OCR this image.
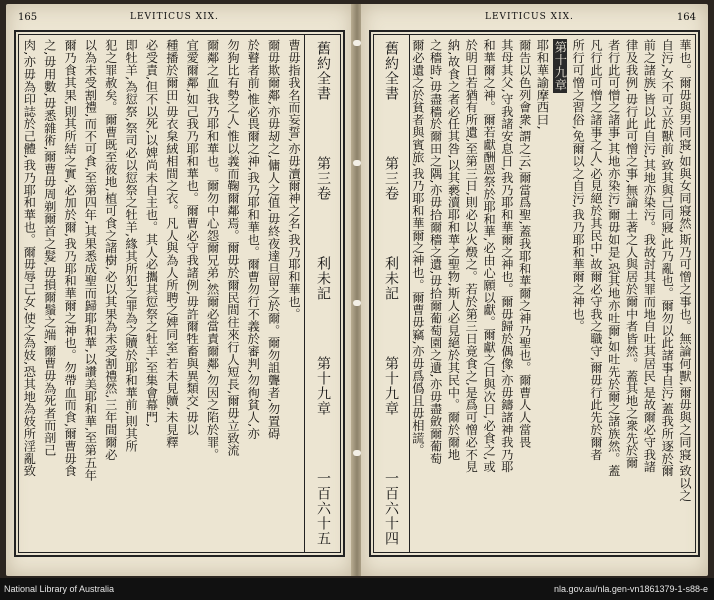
165	LEVITICUS XIX.
曹毋指我名而妄誓,亦毋瀆爾神之名,我乃耶和華也。
爾毋欺爾鄰,亦毋刼之,傭人之值,毋終夜達旦留之於爾。爾勿詛聾者,勿置碍
於瞽者前,惟必畏爾之神,我乃耶和華也。爾曹勿行不義於審判,勿徇貧人,亦
勿狗比有勢之人,惟以義而鞠爾鄰焉。爾毋於爾民間往來行人短長,爾毋立致流
爾鄰之血,我乃耶和華也。爾勿中心怨爾兄弟,然爾必當責爾鄰,勿因之陷於罪。
宜愛爾鄰,如己我乃耶和華也。爾曹必守我諸例,毋許爾牲畜與異類交,毋以
種播於爾田,毋衣枲絨相間之衣。凡人與為人所聘之婢同室,若未見贖,未見釋
必受責,但不以死,以婢尚未自主也。其人必攜其愆祭之牡羊,至集會幕門,
即牡羊,為愆祭,祭司必以愆祭之牡羊,緣其所犯之罪為之贖於耶和華前,則其所
犯之罪赦矣。爾曹既至彼地,植可食之諸樹,必以其果為未受割禮然,三年間爾必
以為未受割禮,而不可食,至第四年,其果悉成聖而歸耶和華,以讚美耶和華,至第五年
爾乃食其果,則其所結之實,必加於爾,我乃耶和華爾之神也。勿帶血而食,爾曹毋食
之,毋用數,毋悉雜術,爾曹毋周剃爾首之髮,毋損爾鬚之端,爾曹毋為死者而剖己
肉,亦毋為印誌於己體,我乃耶和華也。爾毋辱己女,使之為妓,恐其地為妓所淫亂致	舊約全書
第三卷
利未記
第十九章
一百六十五
LEVITICUS XIX.	164
舊約全書
第三卷
利未記
第十九章
一百六十四
華也。爾毋與男同寢,如與女同寢然,斯乃可憎之事也。無論何獸,爾毋與之同寢,致以之
自污,女不可立於獸前,致其與己同寢,此乃亂也。爾勿以此諸事自污,蓋我所逐於爾
前之諸族,皆以此自污,其地亦染污。我故討其罪而地自吐其居民,是故爾必守我諸
律及我例,毋行此可憎之事,無論土著之人與居於爾中者皆然。蓋其地之衆先於爾
者行此可憎之諸事,其地亦染污,爾毋如是,恐其地亦吐爾,如吐先於爾之諸族然。蓋
凡行此可憎之諸事之人,必見絕於其民中,故爾必守我之職守,爾毋行此先於爾者
所行可憎之習俗,免爾以之自污,我乃耶和華爾之神也。
第十九章
耶和華諭摩西曰,
爾告以色列會衆,謂之云,爾當爲聖,蓋我耶和華爾之神乃聖也。爾曹人人當畏
其母其父,守我諸安息日,我乃耶和華爾之神也。爾毋歸於偶像,亦毋鑄諸神我乃耶
和華爾之神。爾若獻酬恩祭於耶和華,必由心願以獻。爾獻之日與次日,必食之,或
於明日若猶有所遺,至第三日,則必以火燬之。若於第三日竟食之,是爲可憎必不見
納,故食之者必任其咎,以其褻瀆耶和華之聖物,斯人必見絕於其民中。爾於爾地
之穡時,毋盡穡於爾田之隅,亦毋拾爾穡之遺,毋拾爾葡萄園之遺,亦毋盡斂爾葡萄
爾必遺之於貧者與賓旅,我乃耶和華爾之神也。爾曹毋竊,亦毋爲僞且毋相謊。
National Library of Australia	nla.gov.au/nla.gen-vn1861379-1-s88-e
